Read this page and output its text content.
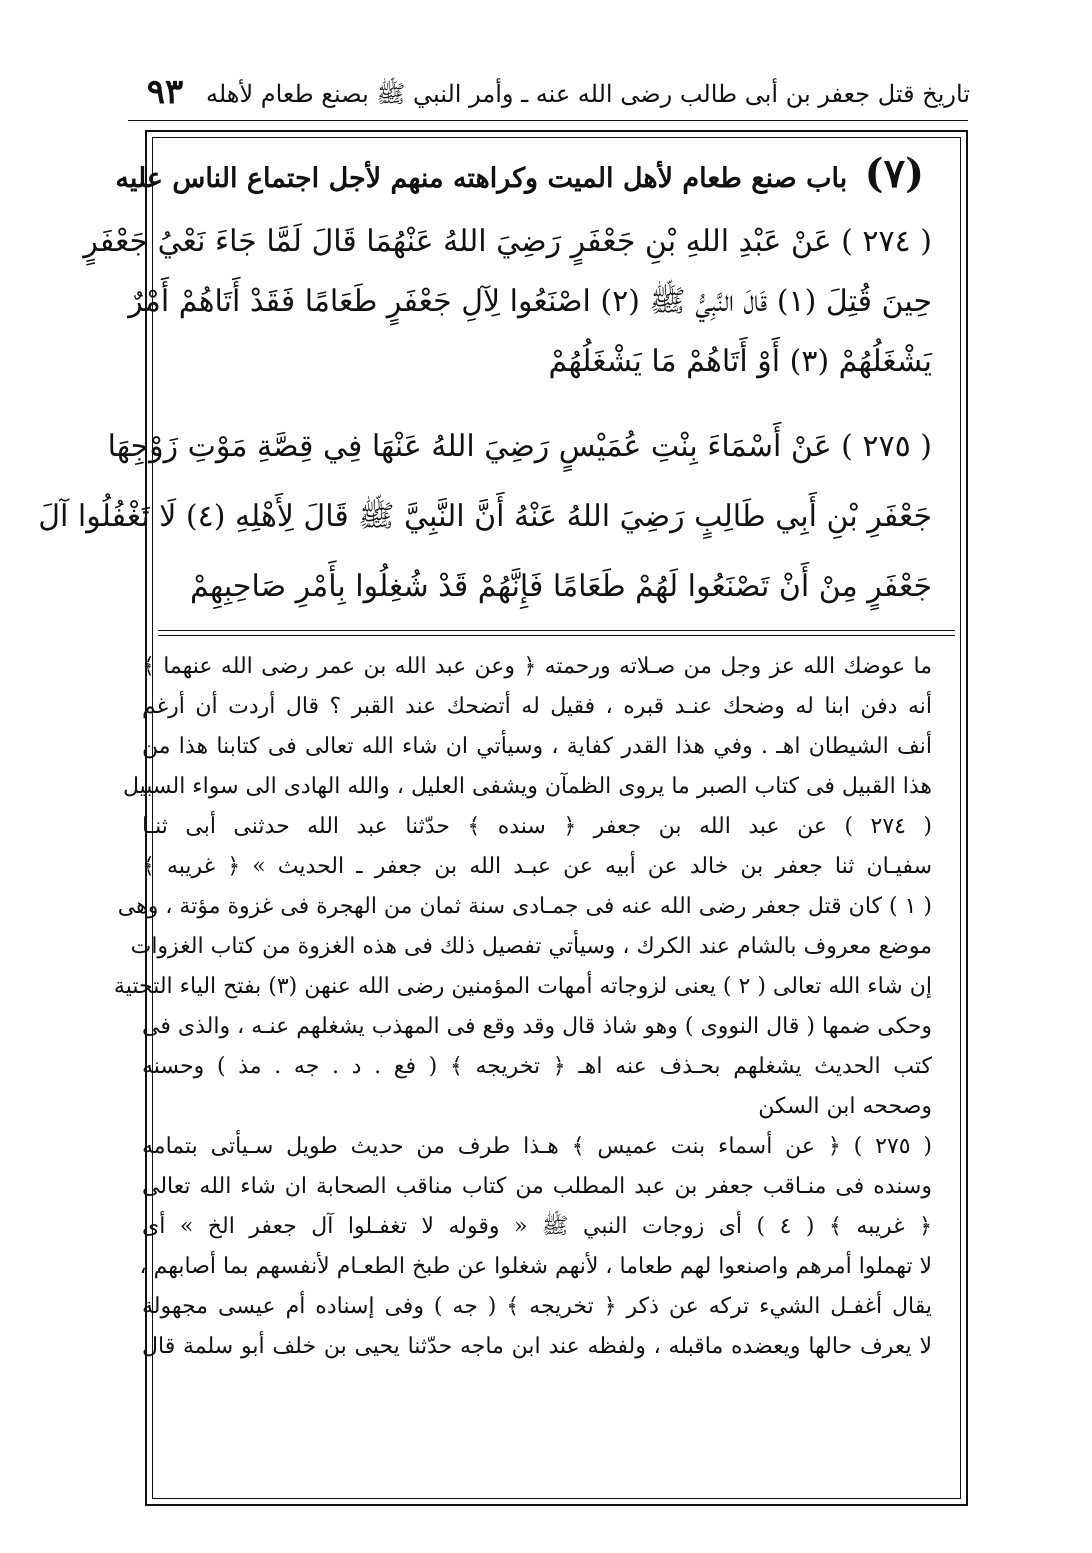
٩٣ تاريخ قتل جعفر بن أبى طالب رضى الله عنه ـ وأمر النبي ﷺ بصنع طعام لأهله
(٧) باب صنع طعام لأهل الميت وكراهته منهم لأجل اجتماع الناس عليه
( ٢٧٤ ) عَنْ عَبْدِ اللهِ بْنِ جَعْفَرٍ رَضِيَ اللهُ عَنْهُمَا قَالَ لَمَّا جَاءَ نَعْيُ جَعْفَرٍ
حِينَ قُتِلَ (١) قَالَ النَّبِيُّ ﷺ (٢) اصْنَعُوا لِآلِ جَعْفَرٍ طَعَامًا فَقَدْ أَتَاهُمْ أَمْرٌ
يَشْغَلُهُمْ (٣) أَوْ أَتَاهُمْ مَا يَشْغَلُهُمْ
( ٢٧٥ ) عَنْ أَسْمَاءَ بِنْتِ عُمَيْسٍ رَضِيَ اللهُ عَنْهَا فِي قِصَّةِ مَوْتِ زَوْجِهَا
جَعْفَرِ بْنِ أَبِي طَالِبٍ رَضِيَ اللهُ عَنْهُ أَنَّ النَّبِيَّ ﷺ قَالَ لِأَهْلِهِ (٤) لَا تَغْفُلُوا آلَ
جَعْفَرٍ مِنْ أَنْ تَصْنَعُوا لَهُمْ طَعَامًا فَإِنَّهُمْ قَدْ شُغِلُوا بِأَمْرِ صَاحِبِهِمْ
ما عوضك الله عز وجل من صـلاته ورحمته ﴿ وعن عبد الله بن عمر رضى الله عنهما ﴾
أنه دفن ابنا له وضحك عنـد قبره ، فقيل له أتضحك عند القبر ؟ قال أردت أن أرغم
أنف الشيطان اهـ . وفي هذا القدر كفاية ، وسيأتي ان شاء الله تعالى فى كتابنا هذا من
هذا القبيل فى كتاب الصبر ما يروى الظمآن ويشفى العليل ، والله الهادى الى سواء السبيل
( ٢٧٤ ) عن عبد الله بن جعفر ﴿ سنده ﴾ حدّثنا عبد الله حدثنى أبى ثنـا
سفيـان ثنا جعفر بن خالد عن أبيه عن عبـد الله بن جعفر ـ الحديث » ﴿ غريبه ﴾
( ١ ) كان قتل جعفر رضى الله عنه فى جمـادى سنة ثمان من الهجرة فى غزوة مؤتة ، وهى
موضع معروف بالشام عند الكرك ، وسيأتي تفصيل ذلك فى هذه الغزوة من كتاب الغزوات
إن شاء الله تعالى ( ٢ ) يعنى لزوجاته أمهات المؤمنين رضى الله عنهن (٣) بفتح الياء التحتية
وحكى ضمها ( قال النووى ) وهو شاذ قال وقد وقع فى المهذب يشغلهم عنـه ، والذى فى
كتب الحديث يشغلهم بحـذف عنه اهـ ﴿ تخريجه ﴾ ( فع . د . جه . مذ ) وحسنه
وصححه ابن السكن
( ٢٧٥ ) ﴿ عن أسماء بنت عميس ﴾ هـذا طرف من حديث طويل سـيأتى بتمامه
وسنده فى منـاقب جعفر بن عبد المطلب من كتاب مناقب الصحابة ان شاء الله تعالى
﴿ غريبه ﴾ ( ٤ ) أى زوجات النبي ﷺ « وقوله لا تغفـلوا آل جعفر الخ » أى
لا تهملوا أمرهم واصنعوا لهم طعاما ، لأنهم شغلوا عن طبخ الطعـام لأنفسهم بما أصابهم ،
يقال أغفـل الشيء تركه عن ذكر ﴿ تخريجه ﴾ ( جه ) وفى إسناده أم عيسى مجهولة
لا يعرف حالها ويعضده ماقبله ، ولفظه عند ابن ماجه حدّثنا يحيى بن خلف أبو سلمة قال
